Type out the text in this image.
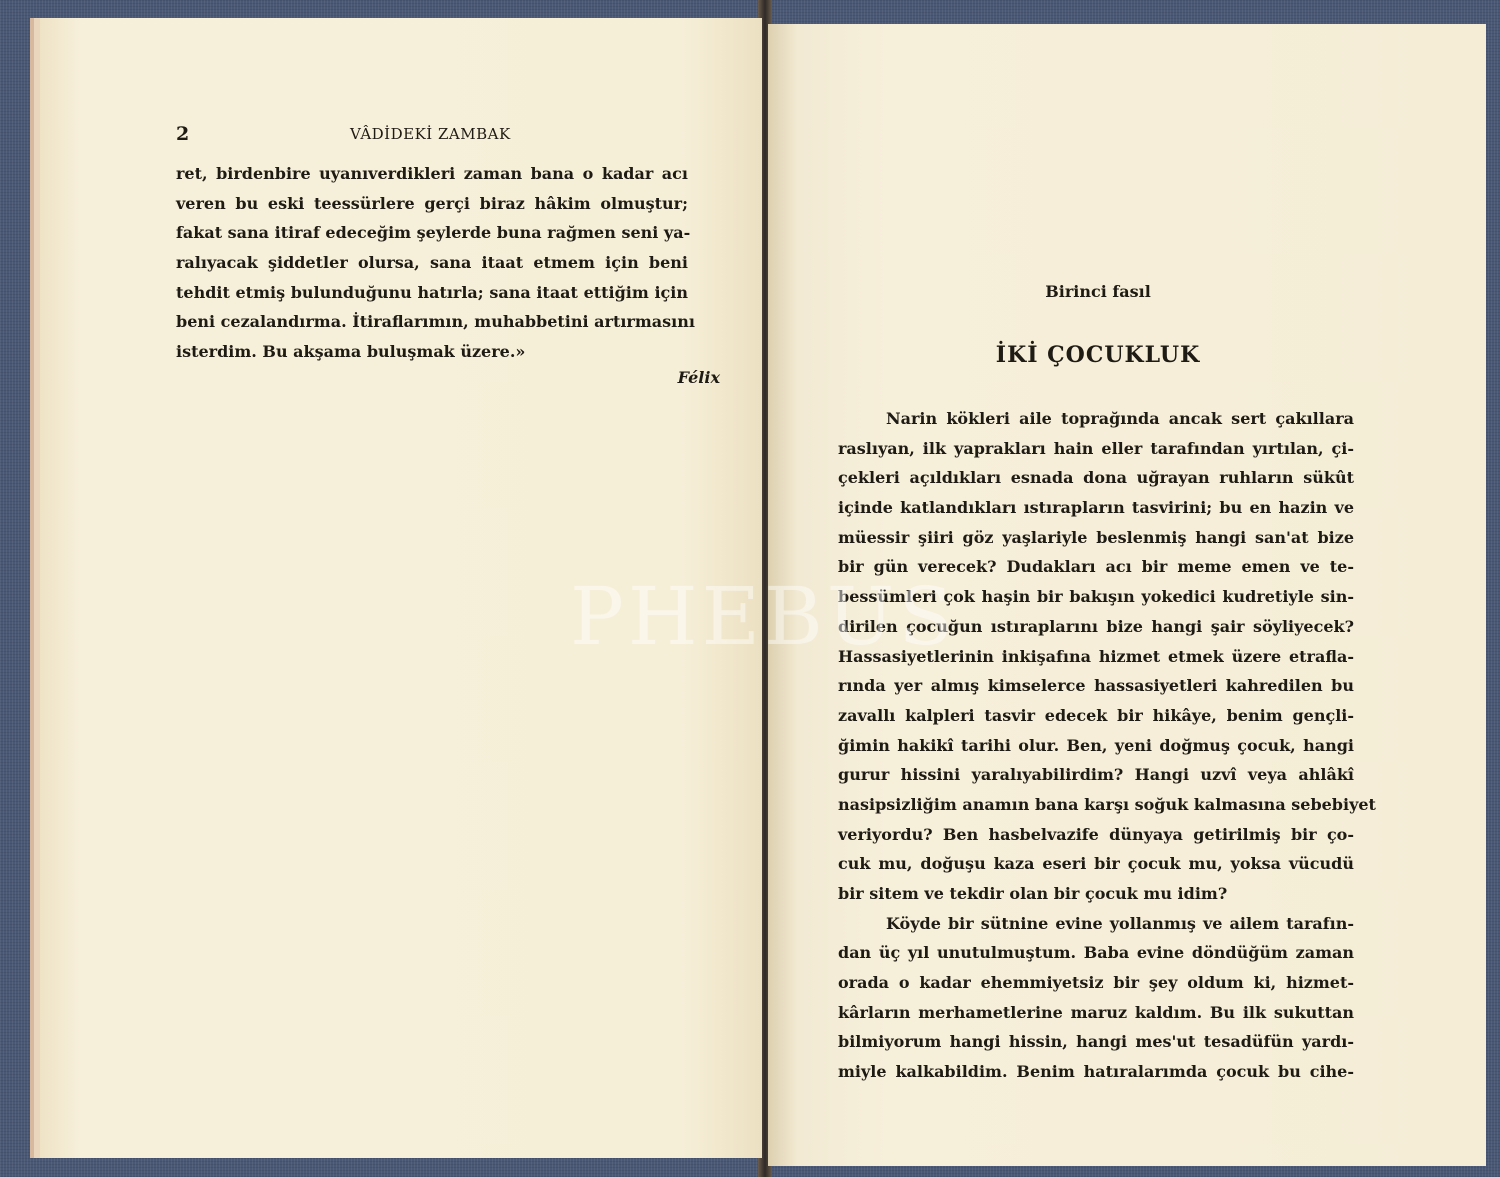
2	VÂDİDEKİ ZAMBAK
ret, birdenbire uyanıverdikleri zaman bana o kadar acı
veren bu eski teessürlere gerçi biraz hâkim olmuştur;
fakat sana itiraf edeceğim şeylerde buna rağmen seni ya-
ralıyacak şiddetler olursa, sana itaat etmem için beni
tehdit etmiş bulunduğunu hatırla; sana itaat ettiğim için
beni cezalandırma. İtiraflarımın, muhabbetini artırmasını
isterdim. Bu akşama buluşmak üzere.»
Félix
Birinci fasıl
İKİ ÇOCUKLUK
Narin kökleri aile toprağında ancak sert çakıllara
raslıyan, ilk yaprakları hain eller tarafından yırtılan, çi-
çekleri açıldıkları esnada dona uğrayan ruhların sükût
içinde katlandıkları ıstırapların tasvirini; bu en hazin ve
müessir şiiri göz yaşlariyle beslenmiş hangi san'at bize
bir gün verecek? Dudakları acı bir meme emen ve te-
bessümleri çok haşin bir bakışın yokedici kudretiyle sin-
dirilen çocuğun ıstıraplarını bize hangi şair söyliyecek?
Hassasiyetlerinin inkişafına hizmet etmek üzere etrafla-
rında yer almış kimselerce hassasiyetleri kahredilen bu
zavallı kalpleri tasvir edecek bir hikâye, benim gençli-
ğimin hakikî tarihi olur. Ben, yeni doğmuş çocuk, hangi
gurur hissini yaralıyabilirdim? Hangi uzvî veya ahlâkî
nasipsizliğim anamın bana karşı soğuk kalmasına sebebiyet
veriyordu? Ben hasbelvazife dünyaya getirilmiş bir ço-
cuk mu, doğuşu kaza eseri bir çocuk mu, yoksa vücudü
bir sitem ve tekdir olan bir çocuk mu idim?
Köyde bir sütnine evine yollanmış ve ailem tarafın-
dan üç yıl unutulmuştum. Baba evine döndüğüm zaman
orada o kadar ehemmiyetsiz bir şey oldum ki, hizmet-
kârların merhametlerine maruz kaldım. Bu ilk sukuttan
bilmiyorum hangi hissin, hangi mes'ut tesadüfün yardı-
miyle kalkabildim. Benim hatıralarımda çocuk bu cihe-
PHEBUS
